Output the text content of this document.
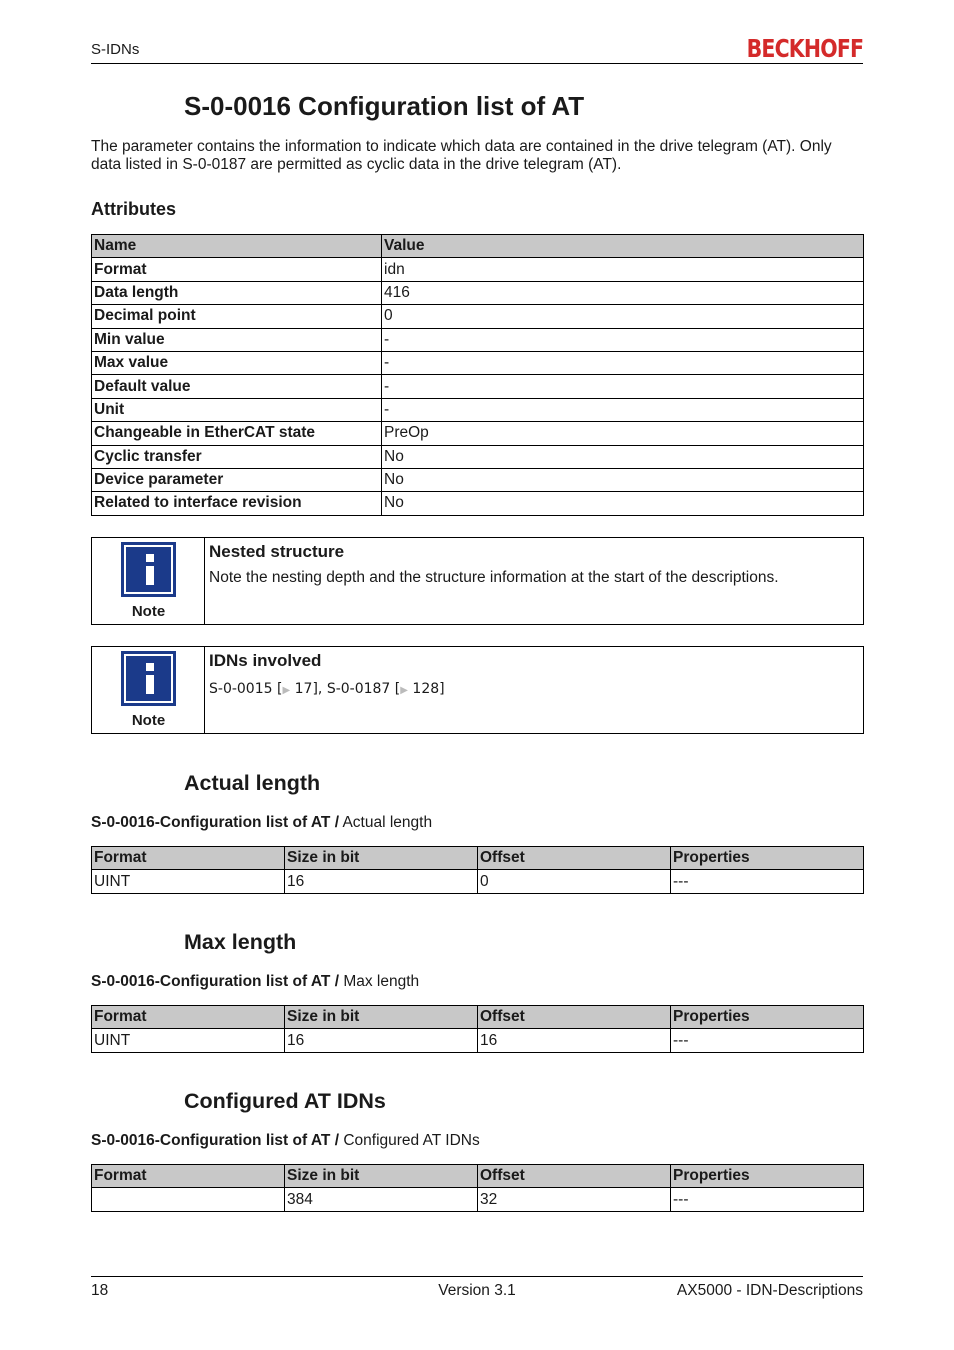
S-IDNs	BECKHOFF
S-0-0016 Configuration list of AT

The parameter contains the information to indicate which data are contained in the drive telegram (AT). Only data listed in S-0-0187 are permitted as cyclic data in the drive telegram (AT).

Attributes
Name	Value
Format	idn
Data length	416
Decimal point	0
Min value	-
Max value	-
Default value	-
Unit	-
Changeable in EtherCAT state	PreOp
Cyclic transfer	No
Device parameter	No
Related to interface revision	No
Note
Nested structure
Note the nesting depth and the structure information at the start of the descriptions.
Note
IDNs involved
S-0-0015 [▶ 17], S-0-0187 [▶ 128]
Actual length
S-0-0016-Configuration list of AT / Actual length
Format	Size in bit	Offset	Properties
UINT	16	0	---
Max length
S-0-0016-Configuration list of AT / Max length
Format	Size in bit	Offset	Properties
UINT	16	16	---
Configured AT IDNs
S-0-0016-Configuration list of AT / Configured AT IDNs
Format	Size in bit	Offset	Properties
	384	32	---
18	Version 3.1	AX5000 - IDN-Descriptions
